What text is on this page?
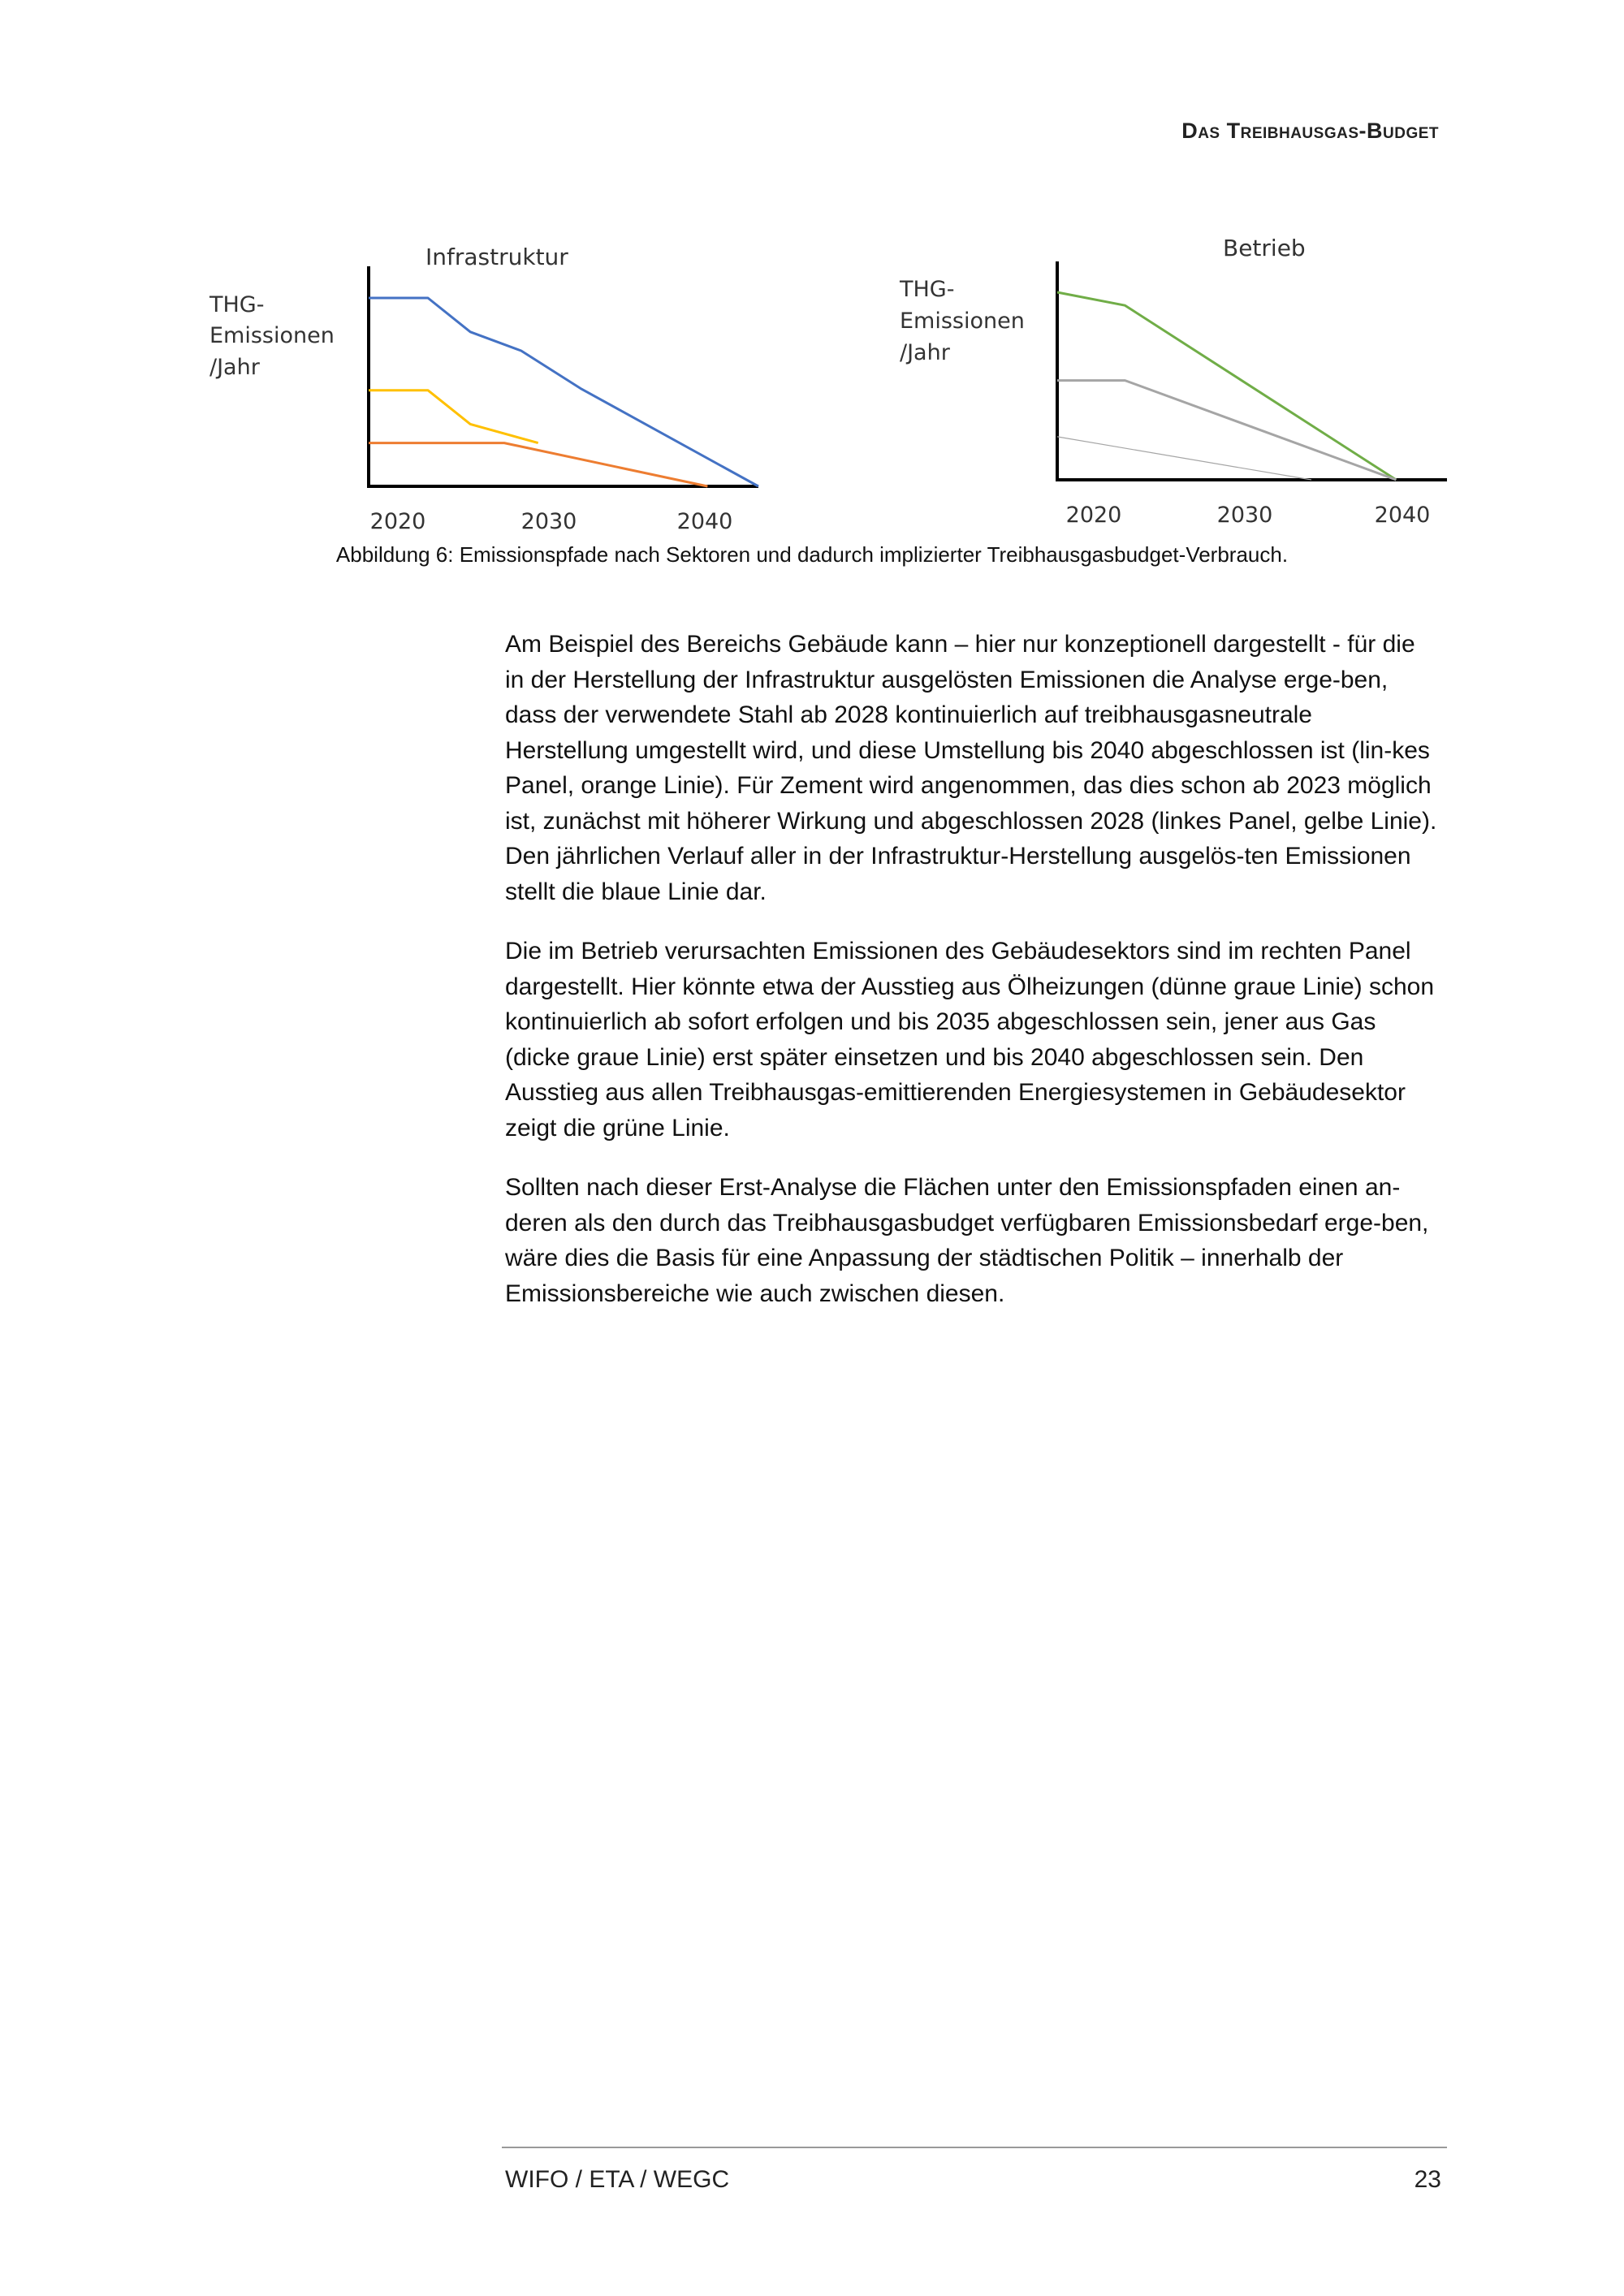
Das Treibhausgas-Budget
Infrastruktur
THG-
Emissionen
/Jahr
2020	2030	2040
Betrieb
THG-
Emissionen
/Jahr
2020	2030	2040
Abbildung 6: Emissionspfade nach Sektoren und dadurch implizierter Treibhausgasbudget-Verbrauch.

Am Beispiel des Bereichs Gebäude kann – hier nur konzeptionell dargestellt - für die in der Herstellung der Infrastruktur ausgelösten Emissionen die Analyse erge-ben, dass der verwendete Stahl ab 2028 kontinuierlich auf treibhausgasneutrale Herstellung umgestellt wird, und diese Umstellung bis 2040 abgeschlossen ist (lin-kes Panel, orange Linie). Für Zement wird angenommen, das dies schon ab 2023 möglich ist, zunächst mit höherer Wirkung und abgeschlossen 2028 (linkes Panel, gelbe Linie). Den jährlichen Verlauf aller in der Infrastruktur-Herstellung ausgelös-ten Emissionen stellt die blaue Linie dar.

Die im Betrieb verursachten Emissionen des Gebäudesektors sind im rechten Panel dargestellt. Hier könnte etwa der Ausstieg aus Ölheizungen (dünne graue Linie) schon kontinuierlich ab sofort erfolgen und bis 2035 abgeschlossen sein, jener aus Gas (dicke graue Linie) erst später einsetzen und bis 2040 abgeschlossen sein. Den Ausstieg aus allen Treibhausgas-emittierenden Energiesystemen in Gebäudesektor zeigt die grüne Linie.

Sollten nach dieser Erst-Analyse die Flächen unter den Emissionspfaden einen an-deren als den durch das Treibhausgasbudget verfügbaren Emissionsbedarf erge-ben, wäre dies die Basis für eine Anpassung der städtischen Politik – innerhalb der Emissionsbereiche wie auch zwischen diesen.

WIFO / ETA / WEGC	23
